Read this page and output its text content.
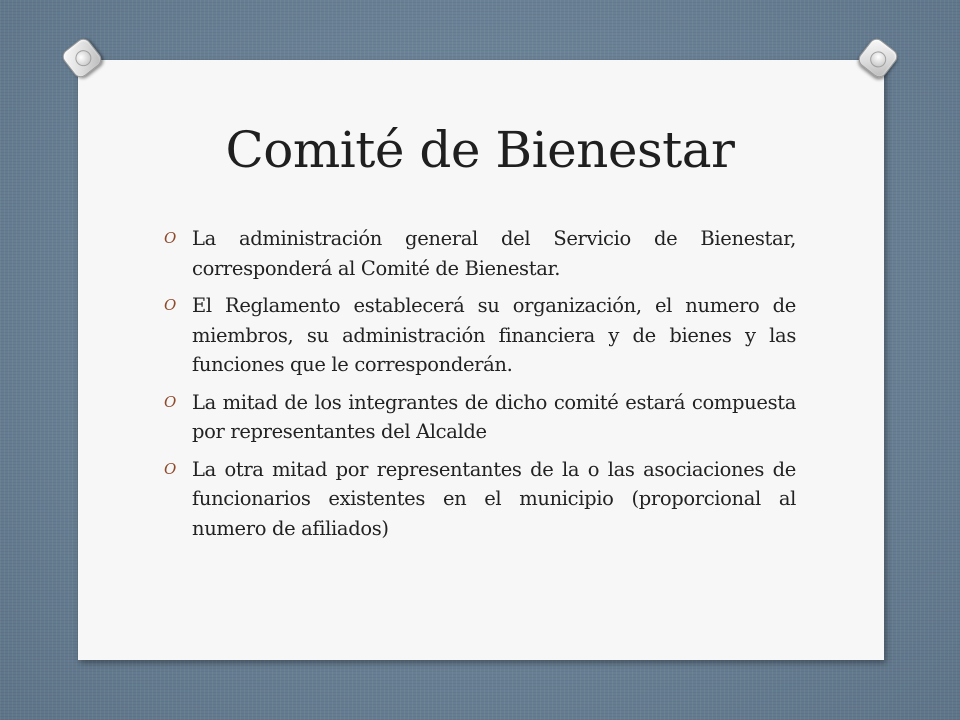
Comité de Bienestar
O La administración general del Servicio de Bienestar, corresponderá al Comité de Bienestar.
O El Reglamento establecerá su organización, el numero de miembros, su administración financiera y de bienes y las funciones que le corresponderán.
O La mitad de los integrantes de dicho comité estará compuesta por representantes del Alcalde
O La otra mitad por representantes de la o las asociaciones de funcionarios existentes en el municipio (proporcional al numero de afiliados)
